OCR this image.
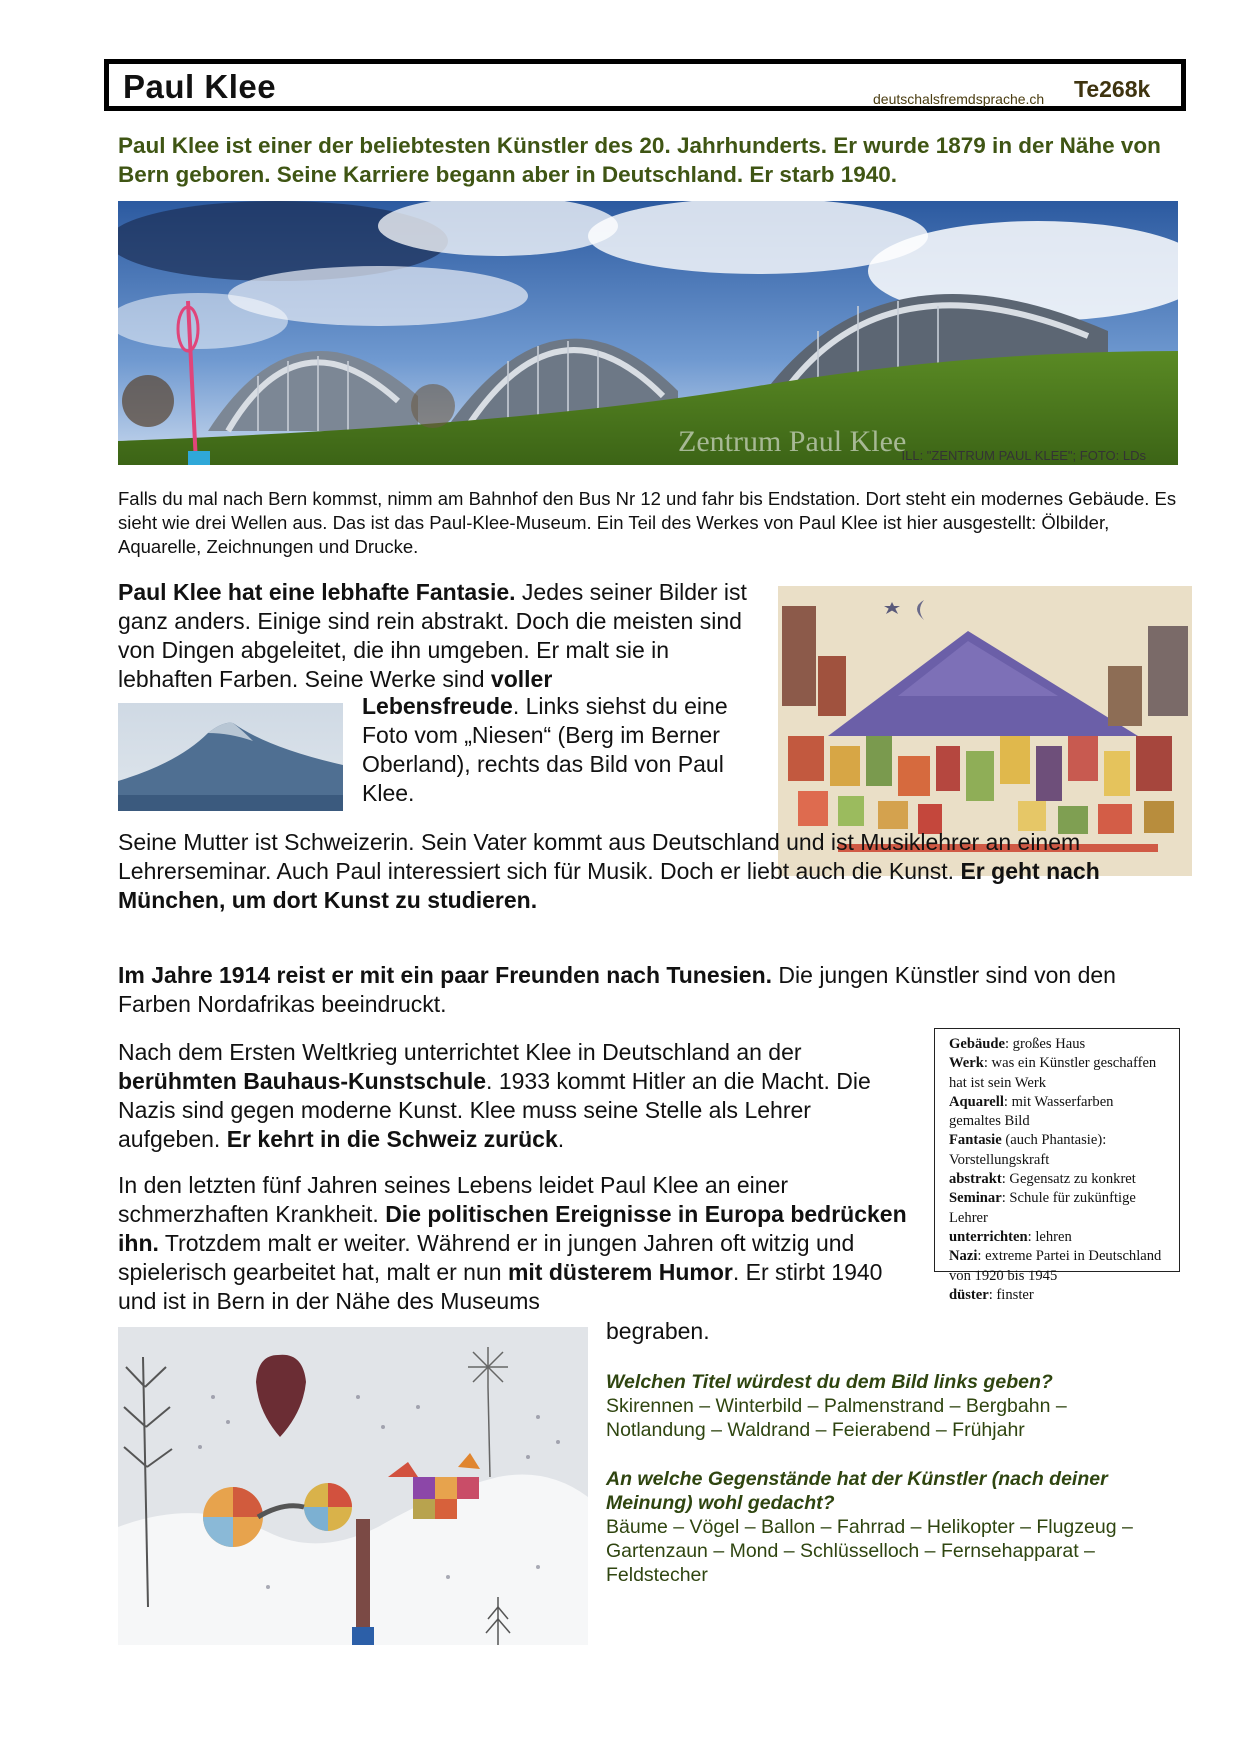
Paul Klee	deutschalsfremdsprache.ch Te268k
Paul Klee ist einer der beliebtesten Künstler des 20. Jahrhunderts. Er wurde 1879 in der Nähe von Bern geboren. Seine Karriere begann aber in Deutschland. Er starb 1940.
Zentrum Paul Klee
ILL: "ZENTRUM PAUL KLEE"; FOTO: LDs
Falls du mal nach Bern kommst, nimm am Bahnhof den Bus Nr 12 und fahr bis Endstation. Dort steht ein modernes Gebäude. Es sieht wie drei Wellen aus. Das ist das Paul-Klee-Museum. Ein Teil des Werkes von Paul Klee ist hier ausgestellt: Ölbilder, Aquarelle, Zeichnungen und Drucke.
Paul Klee hat eine lebhafte Fantasie. Jedes seiner Bilder ist ganz anders. Einige sind rein abstrakt. Doch die meisten sind von Dingen abgeleitet, die ihn umgeben. Er malt sie in lebhaften Farben. Seine Werke sind voller
Lebensfreude. Links siehst du eine Foto vom „Niesen“ (Berg im Berner Oberland), rechts das Bild von Paul Klee.
Seine Mutter ist Schweizerin. Sein Vater kommt aus Deutschland und ist Musiklehrer an einem Lehrerseminar. Auch Paul interessiert sich für Musik. Doch er liebt auch die Kunst. Er geht nach München, um dort Kunst zu studieren.
Im Jahre 1914 reist er mit ein paar Freunden nach Tunesien. Die jungen Künstler sind von den Farben Nordafrikas beeindruckt.
Nach dem Ersten Weltkrieg unterrichtet Klee in Deutschland an der berühmten Bauhaus-Kunstschule. 1933 kommt Hitler an die Macht. Die Nazis sind gegen moderne Kunst. Klee muss seine Stelle als Lehrer aufgeben. Er kehrt in die Schweiz zurück.
In den letzten fünf Jahren seines Lebens leidet Paul Klee an einer schmerzhaften Krankheit. Die politischen Ereignisse in Europa bedrücken ihn. Trotzdem malt er weiter. Während er in jungen Jahren oft witzig und spielerisch gearbeitet hat, malt er nun mit düsterem Humor. Er stirbt 1940 und ist in Bern in der Nähe des Museums
begraben.

Gebäude: großes Haus

Werk: was ein Künstler geschaffen hat ist sein Werk

Aquarell: mit Wasserfarben gemaltes Bild

Fantasie (auch Phantasie): Vorstellungskraft

abstrakt: Gegensatz zu konkret

Seminar: Schule für zukünftige Lehrer

unterrichten: lehren

Nazi: extreme Partei in Deutschland von 1920 bis 1945

düster: finster

Welchen Titel würdest du dem Bild links geben?
Skirennen – Winterbild – Palmenstrand – Bergbahn – Notlandung – Waldrand – Feierabend – Frühjahr
An welche Gegenstände hat der Künstler (nach deiner Meinung) wohl gedacht?
Bäume – Vögel – Ballon – Fahrrad – Helikopter – Flugzeug – Gartenzaun – Mond – Schlüsselloch – Fernsehapparat – Feldstecher
